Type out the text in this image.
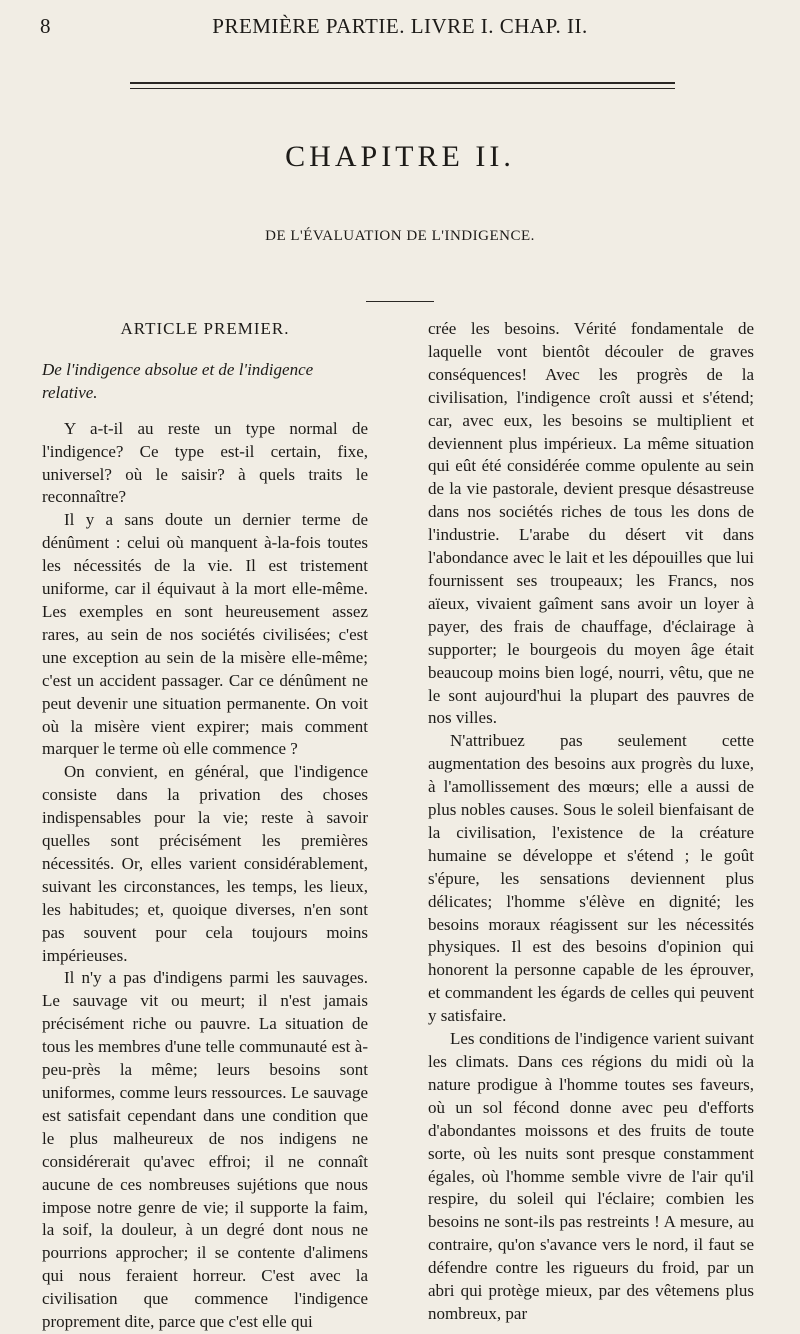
8	PREMIÈRE PARTIE. LIVRE I. CHAP. II.
CHAPITRE II.
DE L'ÉVALUATION DE L'INDIGENCE.
ARTICLE PREMIER.
De l'indigence absolue et de l'indigence relative.

Y a-t-il au reste un type normal de l'indigence? Ce type est-il certain, fixe, universel? où le saisir? à quels traits le reconnaître?

Il y a sans doute un dernier terme de dénûment : celui où manquent à-la-fois toutes les nécessités de la vie. Il est tristement uniforme, car il équivaut à la mort elle-même. Les exemples en sont heureusement assez rares, au sein de nos sociétés civilisées; c'est une exception au sein de la misère elle-même; c'est un accident passager. Car ce dénûment ne peut devenir une situation permanente. On voit où la misère vient expirer; mais comment marquer le terme où elle commence ?

On convient, en général, que l'indigence consiste dans la privation des choses indispensables pour la vie; reste à savoir quelles sont précisément les premières nécessités. Or, elles varient considérablement, suivant les circonstances, les temps, les lieux, les habitudes; et, quoique diverses, n'en sont pas souvent pour cela toujours moins impérieuses.

Il n'y a pas d'indigens parmi les sauvages. Le sauvage vit ou meurt; il n'est jamais précisément riche ou pauvre. La situation de tous les membres d'une telle communauté est à-peu-près la même; leurs besoins sont uniformes, comme leurs ressources. Le sauvage est satisfait cependant dans une condition que le plus malheureux de nos indigens ne considérerait qu'avec effroi; il ne connaît aucune de ces nombreuses sujétions que nous impose notre genre de vie; il supporte la faim, la soif, la douleur, à un degré dont nous ne pourrions approcher; il se contente d'alimens qui nous feraient horreur. C'est avec la civilisation que commence l'indigence proprement dite, parce que c'est elle qui

crée les besoins. Vérité fondamentale de laquelle vont bientôt découler de graves conséquences! Avec les progrès de la civilisation, l'indigence croît aussi et s'étend; car, avec eux, les besoins se multiplient et deviennent plus impérieux. La même situation qui eût été considérée comme opulente au sein de la vie pastorale, devient presque désastreuse dans nos sociétés riches de tous les dons de l'industrie. L'arabe du désert vit dans l'abondance avec le lait et les dépouilles que lui fournissent ses troupeaux; les Francs, nos aïeux, vivaient gaîment sans avoir un loyer à payer, des frais de chauffage, d'éclairage à supporter; le bourgeois du moyen âge était beaucoup moins bien logé, nourri, vêtu, que ne le sont aujourd'hui la plupart des pauvres de nos villes.

N'attribuez pas seulement cette augmentation des besoins aux progrès du luxe, à l'amollissement des mœurs; elle a aussi de plus nobles causes. Sous le soleil bienfaisant de la civilisation, l'existence de la créature humaine se développe et s'étend ; le goût s'épure, les sensations deviennent plus délicates; l'homme s'élève en dignité; les besoins moraux réagissent sur les nécessités physiques. Il est des besoins d'opinion qui honorent la personne capable de les éprouver, et commandent les égards de celles qui peuvent y satisfaire.

Les conditions de l'indigence varient suivant les climats. Dans ces régions du midi où la nature prodigue à l'homme toutes ses faveurs, où un sol fécond donne avec peu d'efforts d'abondantes moissons et des fruits de toute sorte, où les nuits sont presque constamment égales, où l'homme semble vivre de l'air qu'il respire, du soleil qui l'éclaire; combien les besoins ne sont-ils pas restreints ! A mesure, au contraire, qu'on s'avance vers le nord, il faut se défendre contre les rigueurs du froid, par un abri qui protège mieux, par des vêtemens plus nombreux, par
